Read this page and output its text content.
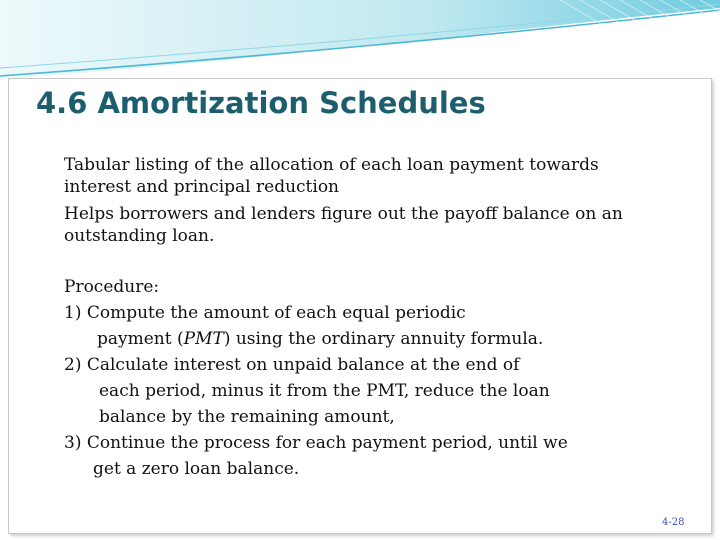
4.6 Amortization Schedules

Tabular listing of the allocation of each loan payment towards

interest and principal reduction

Helps borrowers and lenders figure out the payoff balance on an

outstanding loan.

Procedure:

1) Compute the amount of each equal periodic

payment (PMT) using the ordinary annuity formula.

2) Calculate interest on unpaid balance at the end of

each period, minus it from the PMT, reduce the loan

balance by the remaining amount,

3) Continue the process for each payment period, until we

get a zero loan balance.

4-28
